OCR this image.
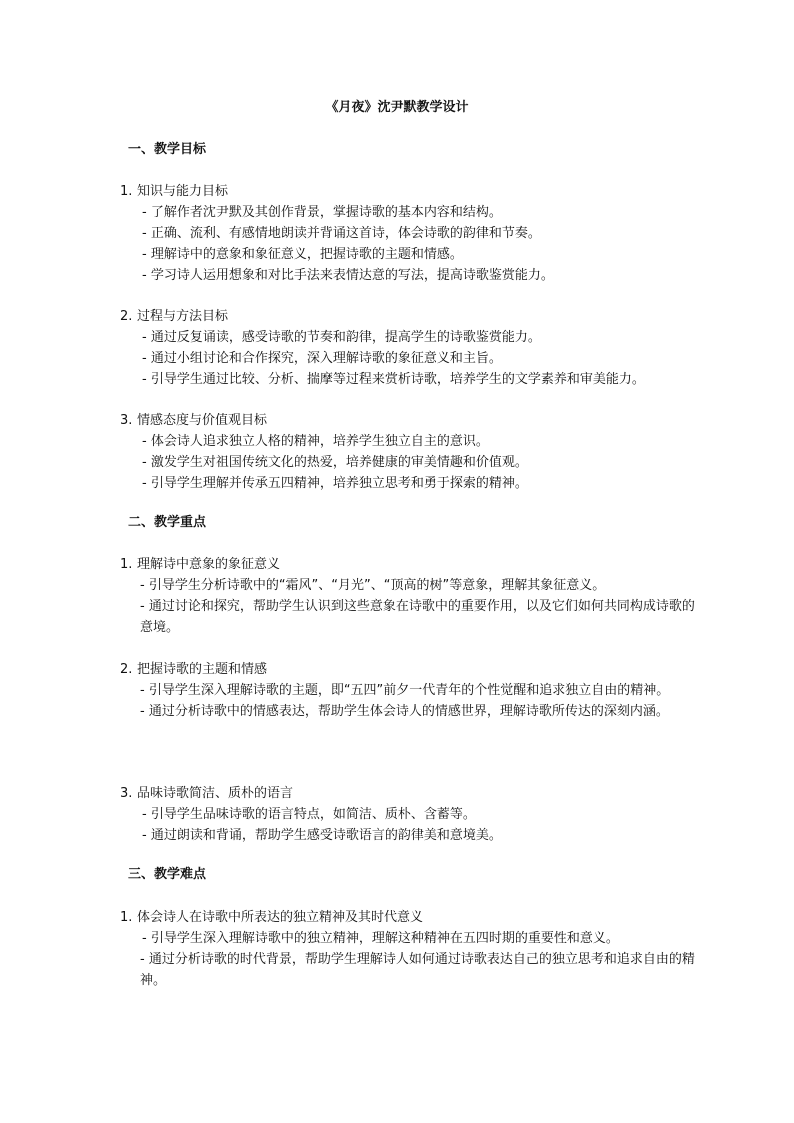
《月夜》沈尹默教学设计
一、教学目标
1. 知识与能力目标
- 了解作者沈尹默及其创作背景，掌握诗歌的基本内容和结构。
- 正确、流利、有感情地朗读并背诵这首诗，体会诗歌的韵律和节奏。
- 理解诗中的意象和象征意义，把握诗歌的主题和情感。
- 学习诗人运用想象和对比手法来表情达意的写法，提高诗歌鉴赏能力。
2. 过程与方法目标
- 通过反复诵读，感受诗歌的节奏和韵律，提高学生的诗歌鉴赏能力。
- 通过小组讨论和合作探究，深入理解诗歌的象征意义和主旨。
- 引导学生通过比较、分析、揣摩等过程来赏析诗歌，培养学生的文学素养和审美能力。
3. 情感态度与价值观目标
- 体会诗人追求独立人格的精神，培养学生独立自主的意识。
- 激发学生对祖国传统文化的热爱，培养健康的审美情趣和价值观。
- 引导学生理解并传承五四精神，培养独立思考和勇于探索的精神。
二、教学重点
1. 理解诗中意象的象征意义
- 引导学生分析诗歌中的“霜风”、“月光”、“顶高的树”等意象，理解其象征意义。
- 通过讨论和探究，帮助学生认识到这些意象在诗歌中的重要作用，以及它们如何共同构成诗歌的意境。
2. 把握诗歌的主题和情感
- 引导学生深入理解诗歌的主题，即“五四”前夕一代青年的个性觉醒和追求独立自由的精神。
- 通过分析诗歌中的情感表达，帮助学生体会诗人的情感世界，理解诗歌所传达的深刻内涵。
3. 品味诗歌简洁、质朴的语言
- 引导学生品味诗歌的语言特点，如简洁、质朴、含蓄等。
- 通过朗读和背诵，帮助学生感受诗歌语言的韵律美和意境美。
三、教学难点
1. 体会诗人在诗歌中所表达的独立精神及其时代意义
- 引导学生深入理解诗歌中的独立精神，理解这种精神在五四时期的重要性和意义。
- 通过分析诗歌的时代背景，帮助学生理解诗人如何通过诗歌表达自己的独立思考和追求自由的精神。
